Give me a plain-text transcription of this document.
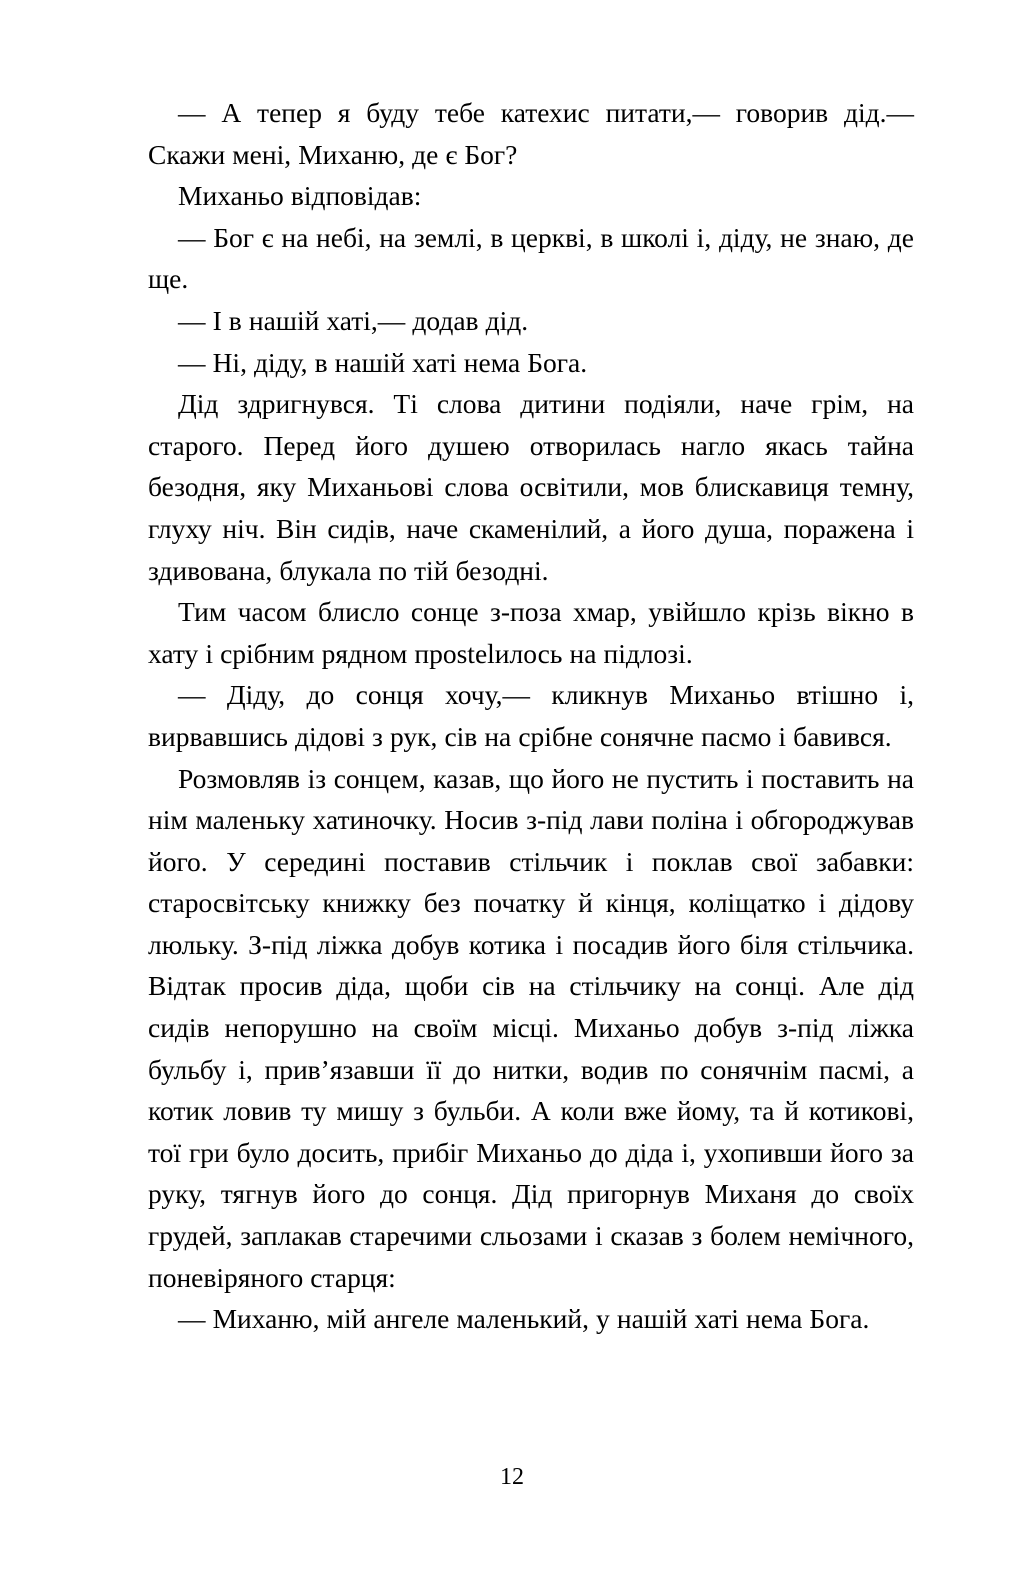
— А тепер я буду тебе катехис питати,— говорив дід.— Скажи мені, Миханю, де є Бог?

Миханьо відповідав:

— Бог є на небі, на землі, в церкві, в школі і, діду, не знаю, де ще.

— І в нашій хаті,— додав дід.

— Ні, діду, в нашій хаті нема Бога.

Дід здригнувся. Ті слова дитини подіяли, наче грім, на старого. Перед його душею отворилась нагло якась тайна безодня, яку Миханьові слова освітили, мов блискавиця темну, глуху ніч. Він сидів, наче скаменілий, а його душа, поражена і здивована, блукала по тій безодні.

Тим часом блисло сонце з-поза хмар, увійшло крізь вікно в хату і срібним рядном прostelилось на підлозі.

— Діду, до сонця хочу,— кликнув Миханьо втішно і, вирвавшись дідові з рук, сів на срібне сонячне пасмо і бавився.

Розмовляв із сонцем, казав, що його не пустить і поставить на нім маленьку хатиночку. Носив з-під лави поліна і обгороджував його. У середині поставив стільчик і поклав свої забавки: старосвітську книжку без початку й кінця, коліщатко і дідову люльку. З-під ліжка добув котика і посадив його біля стільчика. Відтак просив діда, щоби сів на стільчику на сонці. Але дід сидів непорушно на своїм місці. Миханьо добув з-під ліжка бульбу і, прив’язавши її до нитки, водив по сонячнім пасмі, а котик ловив ту мишу з бульби. А коли вже йому, та й котикові, тої гри було досить, прибіг Миханьо до діда і, ухопивши його за руку, тягнув його до сонця. Дід пригорнув Миханя до своїх грудей, заплакав старечими сльозами і сказав з болем немічного, поневіряного старця:

— Миханю, мій ангеле маленький, у нашій хаті нема Бога.

12
